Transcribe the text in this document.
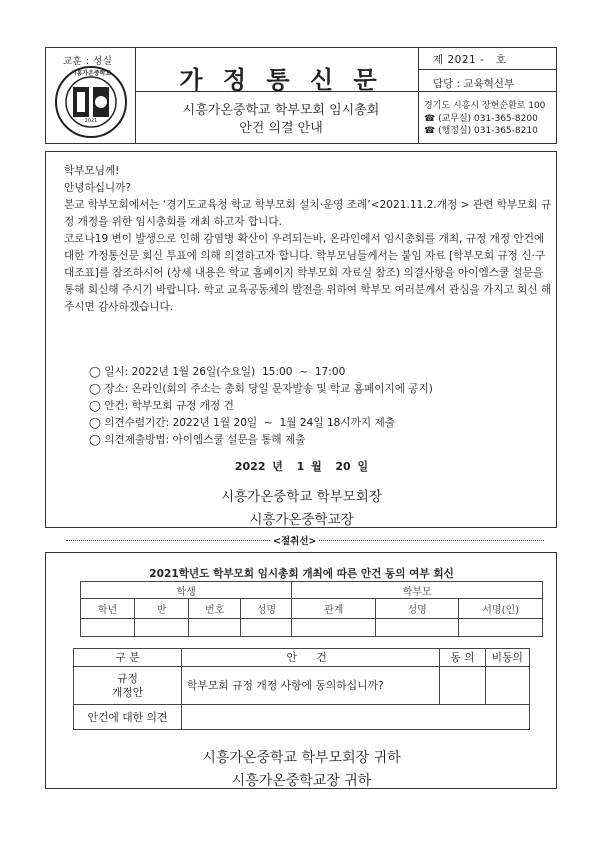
교훈 : 성실
2021
시흥가온중학교	가 정 통 신 문
제 2021 -   호
담당 : 교육혁신부
시흥가온중학교 학부모회 임시총회
안건 의결 안내
경기도 시흥시 장현순환로 100
☎ (교무실) 031-365-8200
☎ (행정실) 031-365-8210

학부모님께!

안녕하십니까?

본교 학부모회에서는 ‘경기도교육청 학교 학부모회 설치·운영 조례’<2021.11.2.개정 > 관련 학부모회 규정 개정을 위한 임시총회를 개최 하고자 합니다.

코로나19 변이 발생으로 인해 감염병 확산이 우려되는바, 온라인에서 임시총회를 개최, 규정 개정 안건에 대한 가정통신문 회신 투표에 의해 의결하고자 합니다. 학부모님들께서는 붙임 자료 [학부모회 규정 신·구 대조표]를 참조하시어 (상세 내용은 학교 홈페이지 학부모회 자료실 참조) 의결사항을 아이엠스쿨 설문을 통해 회신해 주시기 바랍니다. 학교 교육공동체의 발전을 위하여 학부모 여러분께서 관심을 가지고 회신 해 주시면 감사하겠습니다.

◯ 일시: 2022년 1월 26일(수요일)  15:00  ~  17:00
◯ 장소: 온라인(회의 주소는 총회 당일 문자발송 및 학교 홈페이지에 공지)
◯ 안건: 학부모회 규정 개정 건
◯ 의견수렴기간: 2022년 1월 20일  ~  1월 24일 18시까지 제출
◯ 의견제출방법: 아이엠스쿨 설문을 통해 제출
2022 년  1 월  20 일
시흥가온중학교 학부모회장
시흥가온중학교장
<절취선>
2021학년도 학부모회 임시총회 개최에 따른 안건 동의 여부 회신
학생				학부모		
학년	반	번호	성명	관계	성명	서명(인)

구 분	안 건	동 의	비동의
규정
개정안	학부모회 규정 개정 사항에 동의하십니까?		
안건에 대한 의견			
시흥가온중학교 학부모회장 귀하
시흥가온중학교장 귀하
